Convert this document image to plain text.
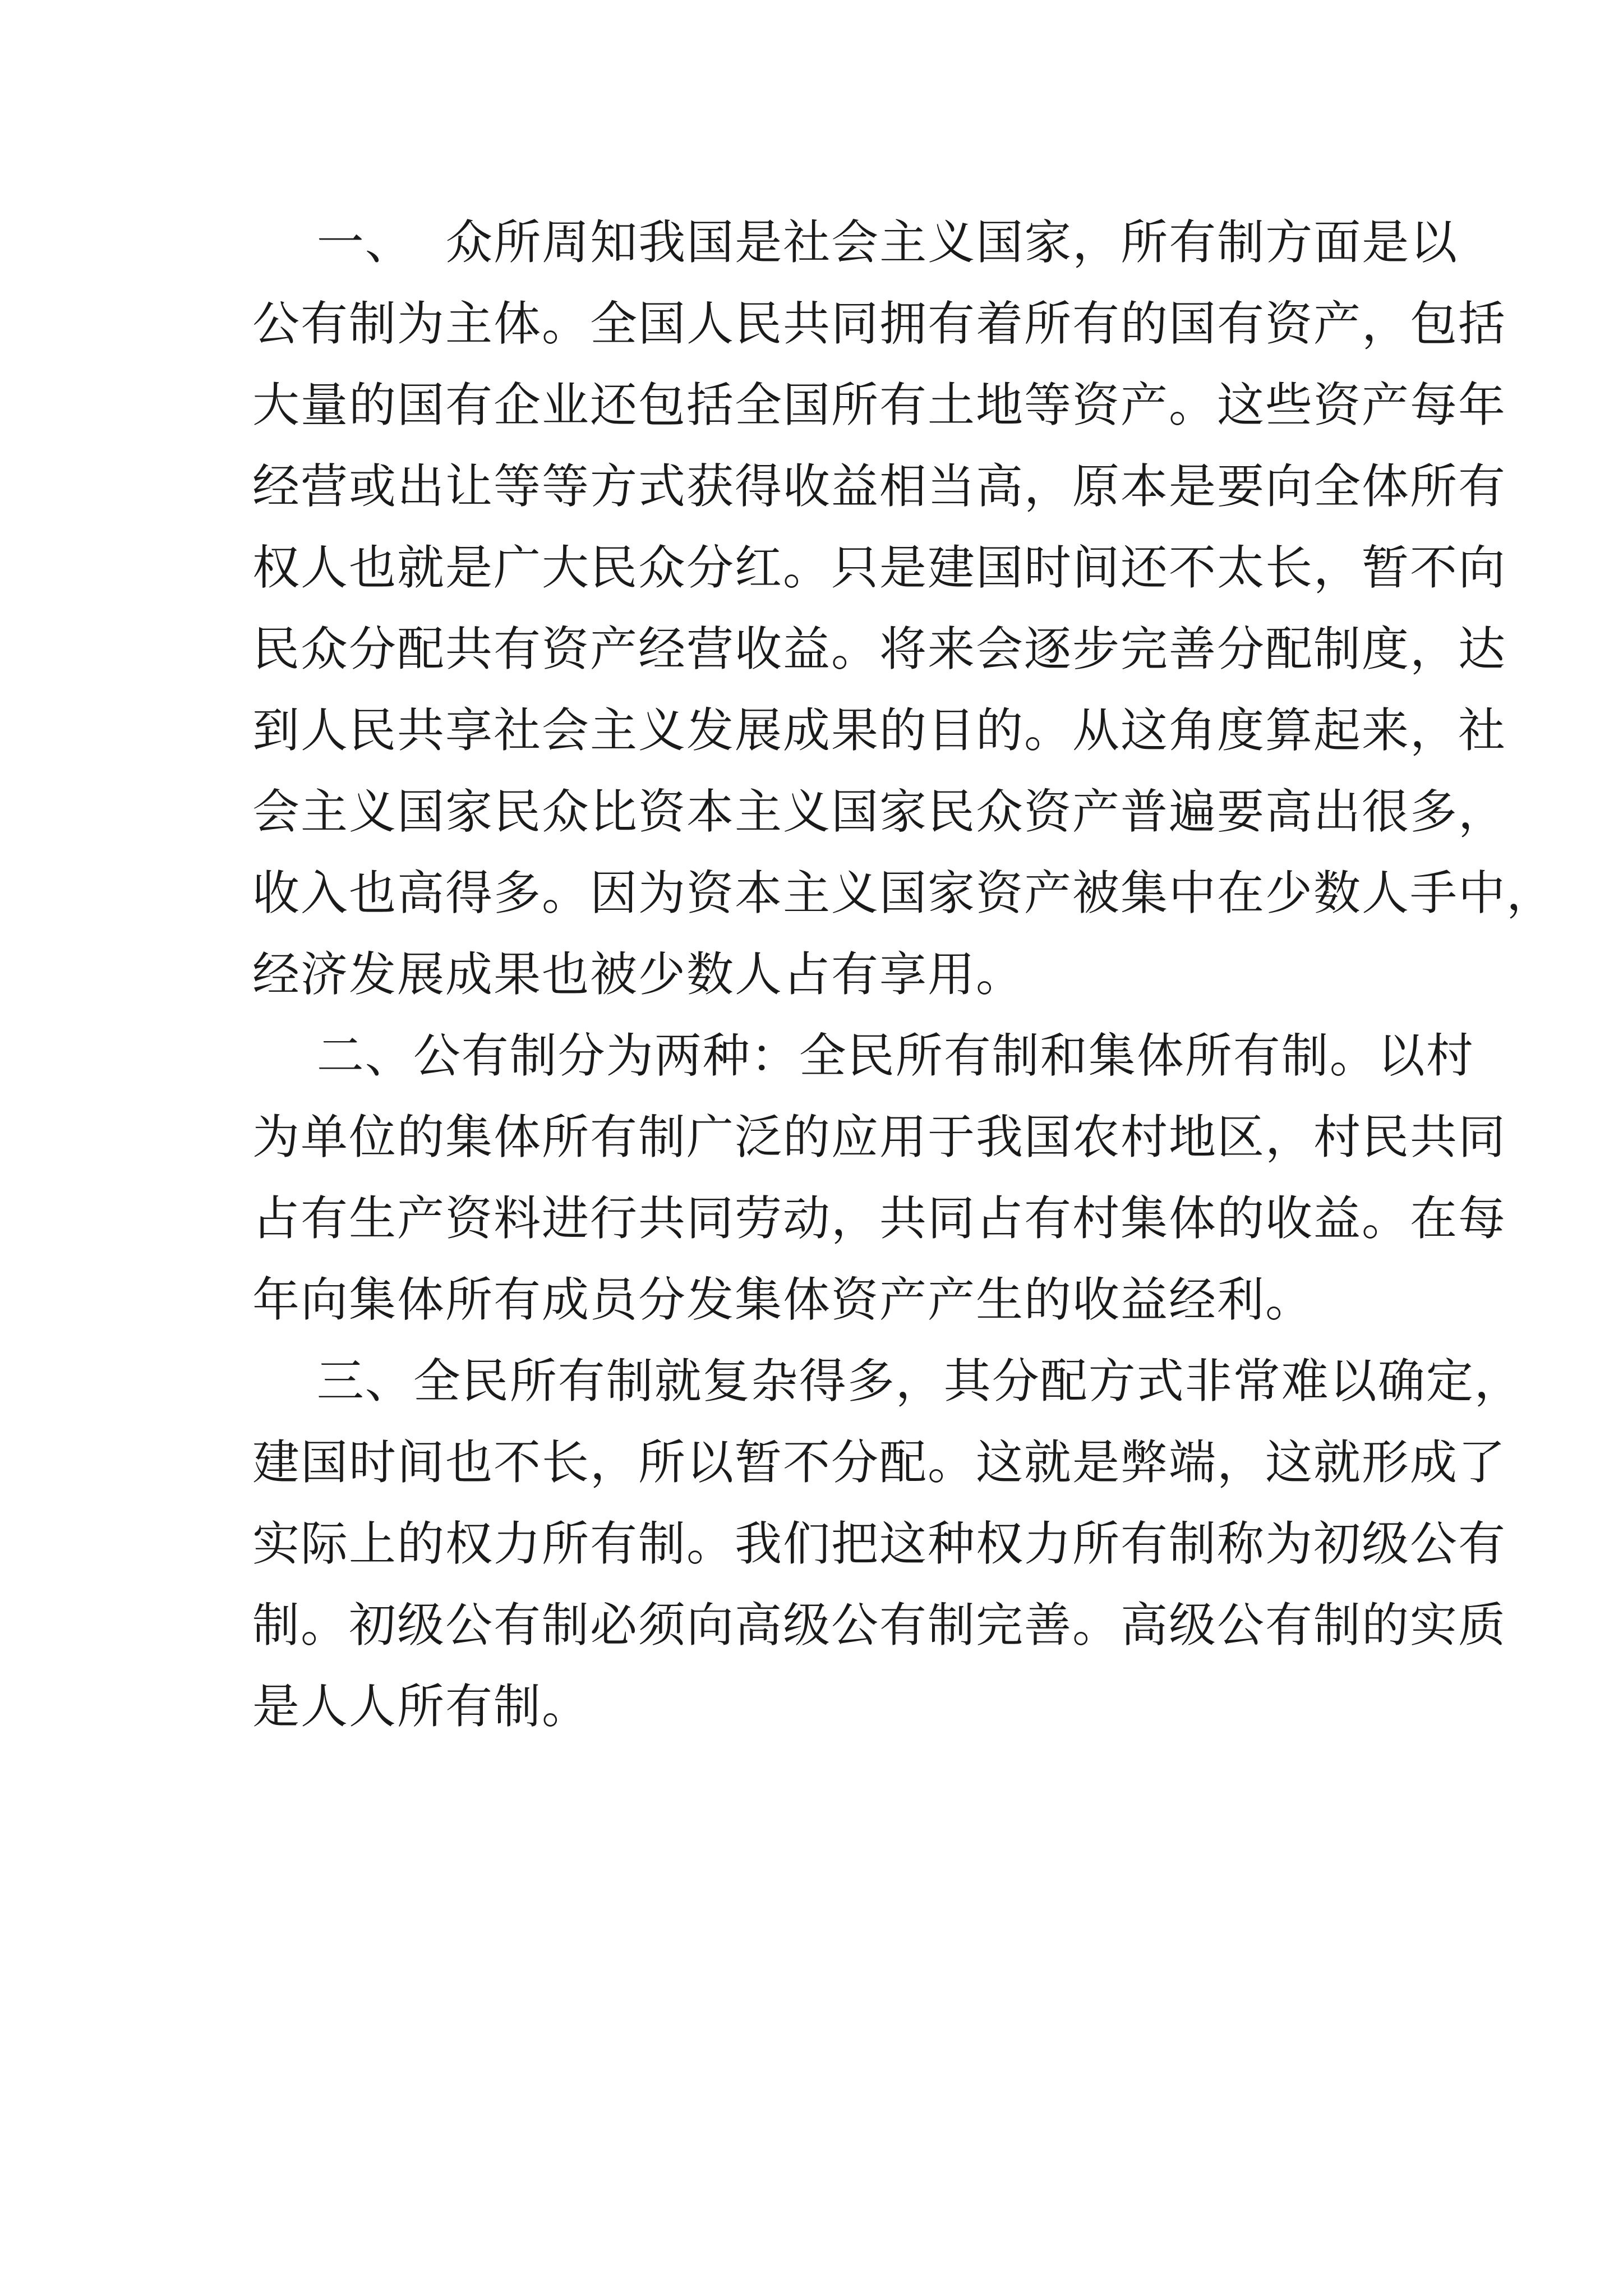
一、  众所周知我国是社会主义国家，所有制方面是以
公有制为主体。全国人民共同拥有着所有的国有资产，包括
大量的国有企业还包括全国所有土地等资产。这些资产每年
经营或出让等等方式获得收益相当高，原本是要向全体所有
权人也就是广大民众分红。只是建国时间还不太长，暂不向
民众分配共有资产经营收益。将来会逐步完善分配制度，达
到人民共享社会主义发展成果的目的。从这角度算起来，社
会主义国家民众比资本主义国家民众资产普遍要高出很多，
收入也高得多。因为资本主义国家资产被集中在少数人手中，
经济发展成果也被少数人占有享用。
二、公有制分为两种：全民所有制和集体所有制。以村
为单位的集体所有制广泛的应用于我国农村地区，村民共同
占有生产资料进行共同劳动，共同占有村集体的收益。在每
年向集体所有成员分发集体资产产生的收益经利。
三、全民所有制就复杂得多，其分配方式非常难以确定，
建国时间也不长，所以暂不分配。这就是弊端，这就形成了
实际上的权力所有制。我们把这种权力所有制称为初级公有
制。初级公有制必须向高级公有制完善。高级公有制的实质
是人人所有制。
